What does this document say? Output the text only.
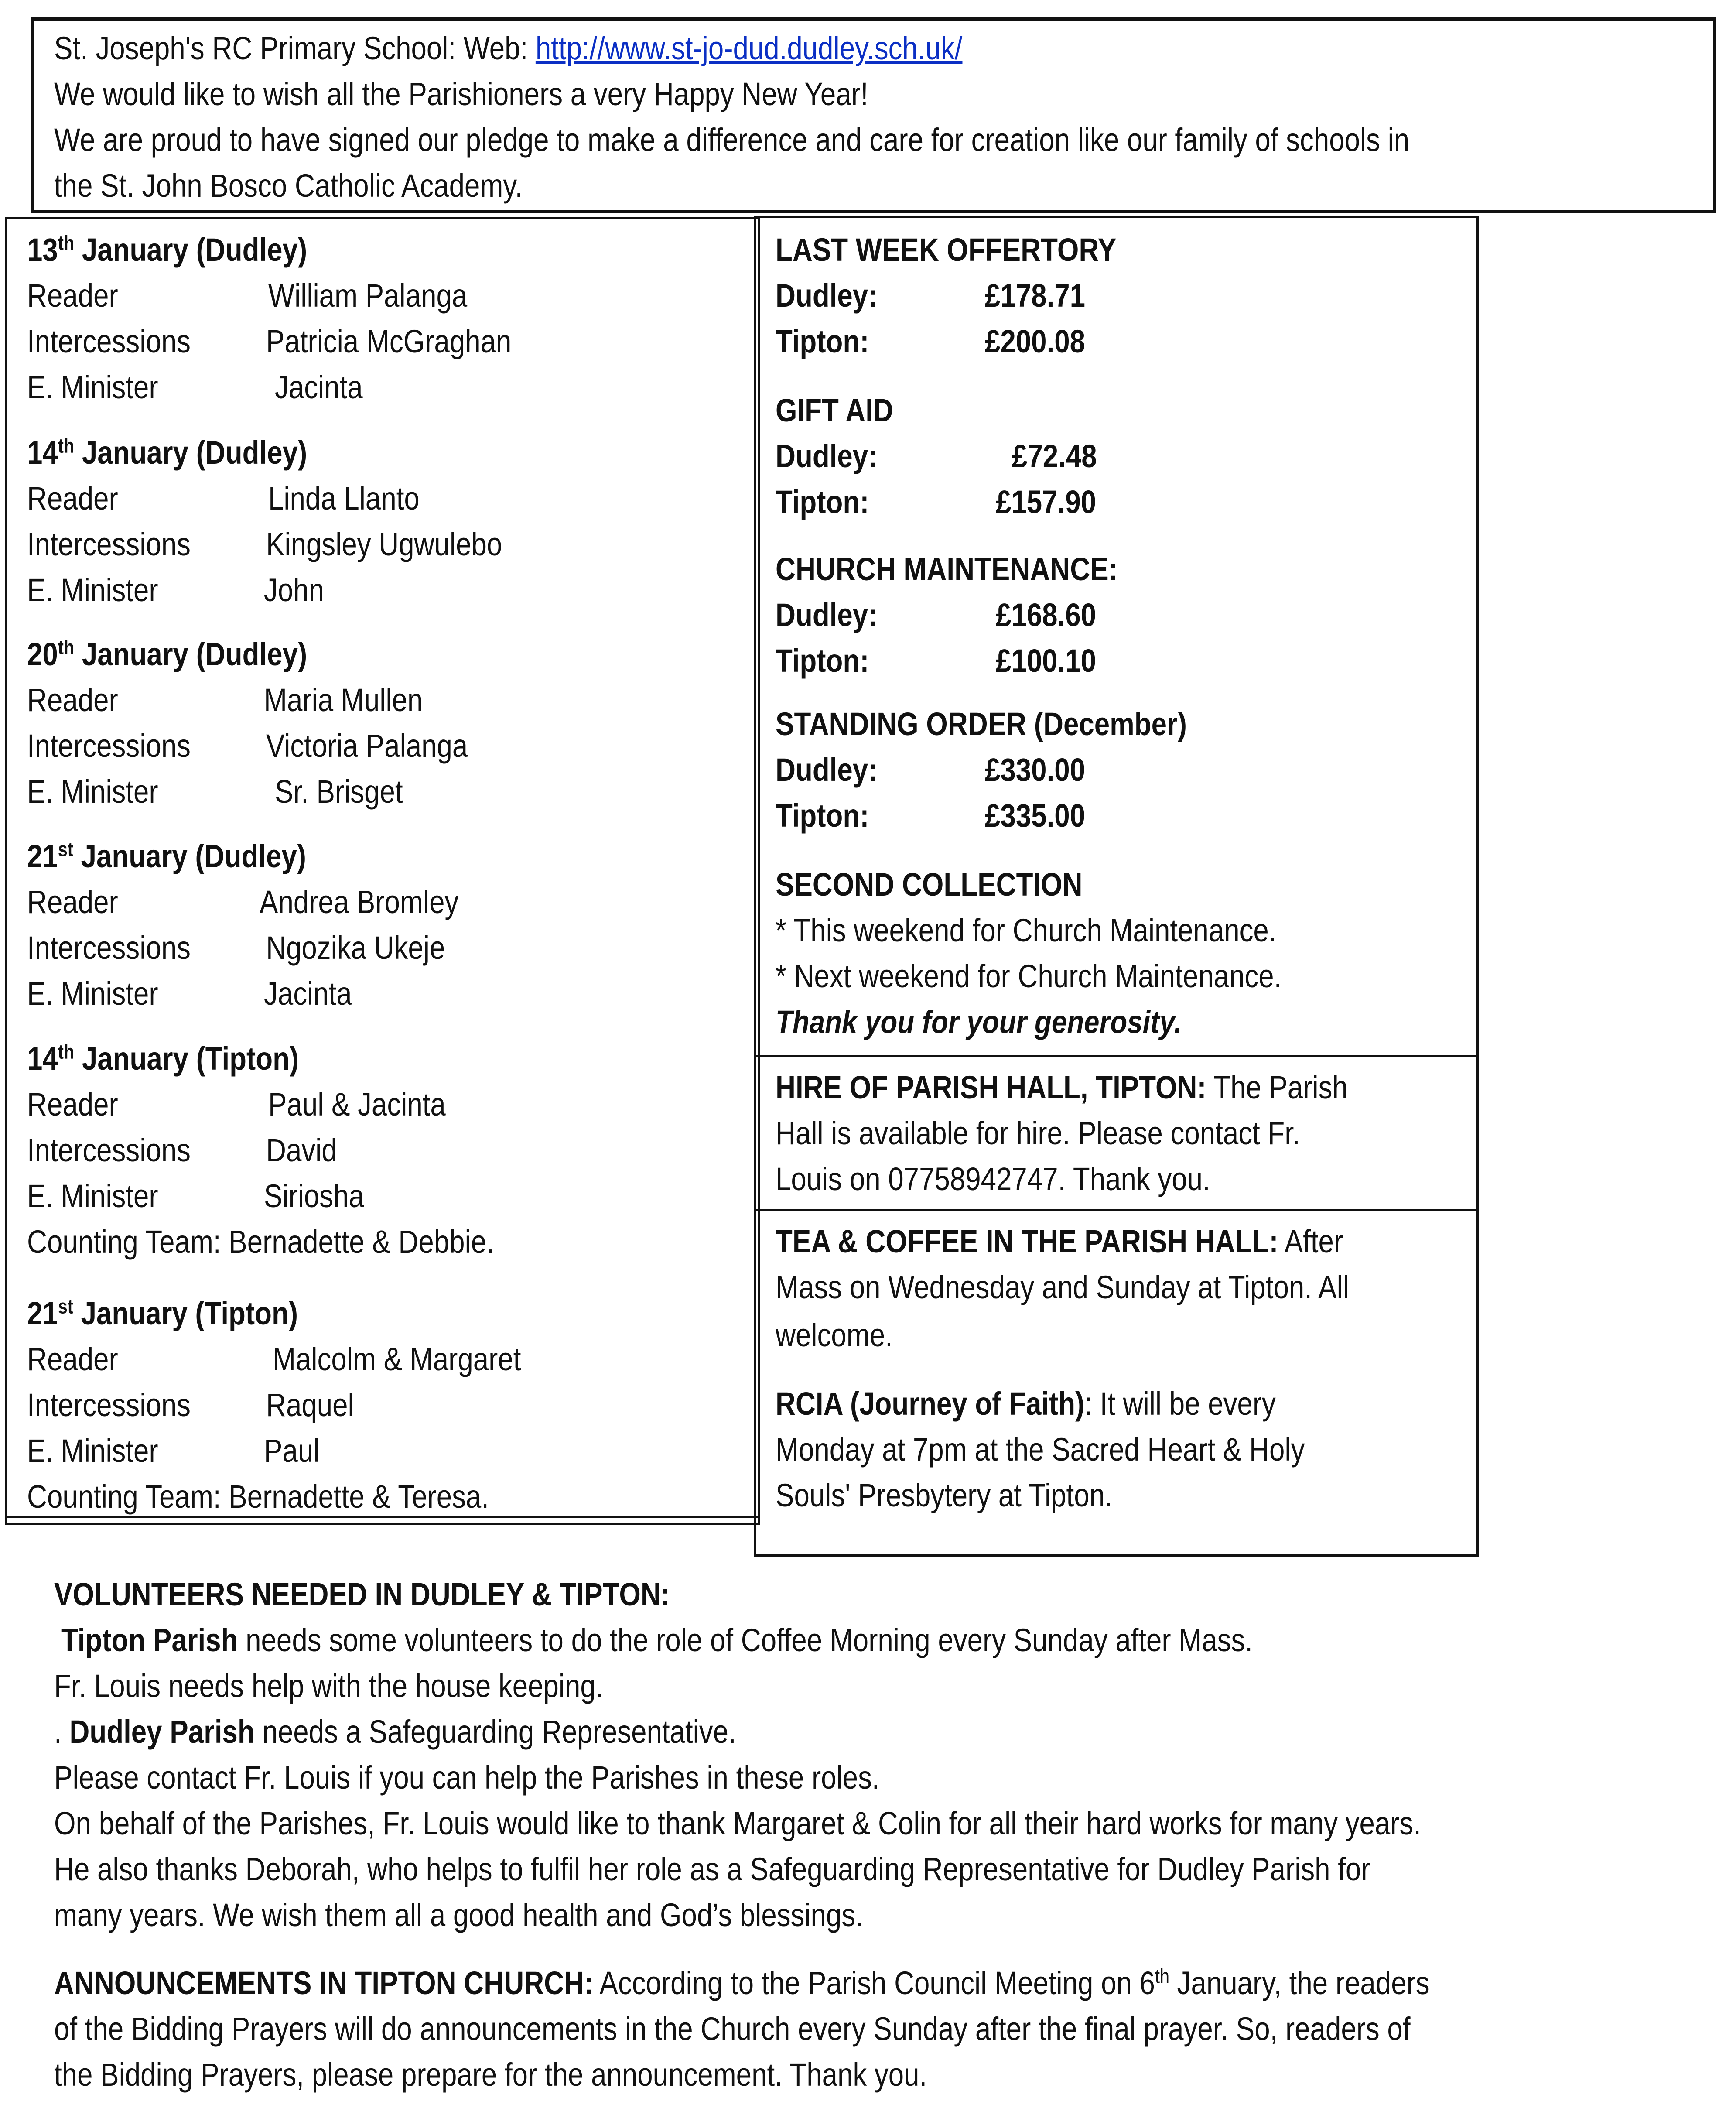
St. Joseph's RC Primary School: Web: http://www.st-jo-dud.dudley.sch.uk/
We would like to wish all the Parishioners a very Happy New Year!
We are proud to have signed our pledge to make a difference and care for creation like our family of schools in
the St. John Bosco Catholic Academy.
13th January (Dudley)
Reader	William Palanga
Intercessions Patricia McGraghan
E. Minister	Jacinta
14th January (Dudley)
Reader	Linda Llanto
Intercessions Kingsley Ugwulebo
E. Minister	John
20th January (Dudley)
Reader	Maria Mullen
Intercessions Victoria Palanga
E. Minister	Sr. Brisget
21st January (Dudley)
Reader	Andrea Bromley
Intercessions Ngozika Ukeje
E. Minister	Jacinta
14th January (Tipton)
Reader	Paul & Jacinta
Intercessions David
E. Minister	Siriosha
Counting Team: Bernadette & Debbie.
21st January (Tipton)
Reader	Malcolm & Margaret
Intercessions Raquel
E. Minister	Paul
Counting Team: Bernadette & Teresa.
LAST WEEK OFFERTORY
Dudley:	£178.71
Tipton:	£200.08
GIFT AID
Dudley:	£72.48
Tipton:	£157.90
CHURCH MAINTENANCE:
Dudley:	£168.60
Tipton:	£100.10
STANDING ORDER (December)
Dudley:	£330.00
Tipton:	£335.00
SECOND COLLECTION
* This weekend for Church Maintenance.
* Next weekend for Church Maintenance.
Thank you for your generosity.
HIRE OF PARISH HALL, TIPTON: The Parish
Hall is available for hire. Please contact Fr.
Louis on 07758942747. Thank you.
TEA & COFFEE IN THE PARISH HALL: After
Mass on Wednesday and Sunday at Tipton. All
welcome.
RCIA (Journey of Faith): It will be every
Monday at 7pm at the Sacred Heart & Holy
Souls' Presbytery at Tipton.
VOLUNTEERS NEEDED IN DUDLEY & TIPTON:
Tipton Parish needs some volunteers to do the role of Coffee Morning every Sunday after Mass.
Fr. Louis needs help with the house keeping.
. Dudley Parish needs a Safeguarding Representative.
Please contact Fr. Louis if you can help the Parishes in these roles.
On behalf of the Parishes, Fr. Louis would like to thank Margaret & Colin for all their hard works for many years.
He also thanks Deborah, who helps to fulfil her role as a Safeguarding Representative for Dudley Parish for
many years. We wish them all a good health and God’s blessings.
ANNOUNCEMENTS IN TIPTON CHURCH: According to the Parish Council Meeting on 6th January, the readers
of the Bidding Prayers will do announcements in the Church every Sunday after the final prayer. So, readers of
the Bidding Prayers, please prepare for the announcement. Thank you.
